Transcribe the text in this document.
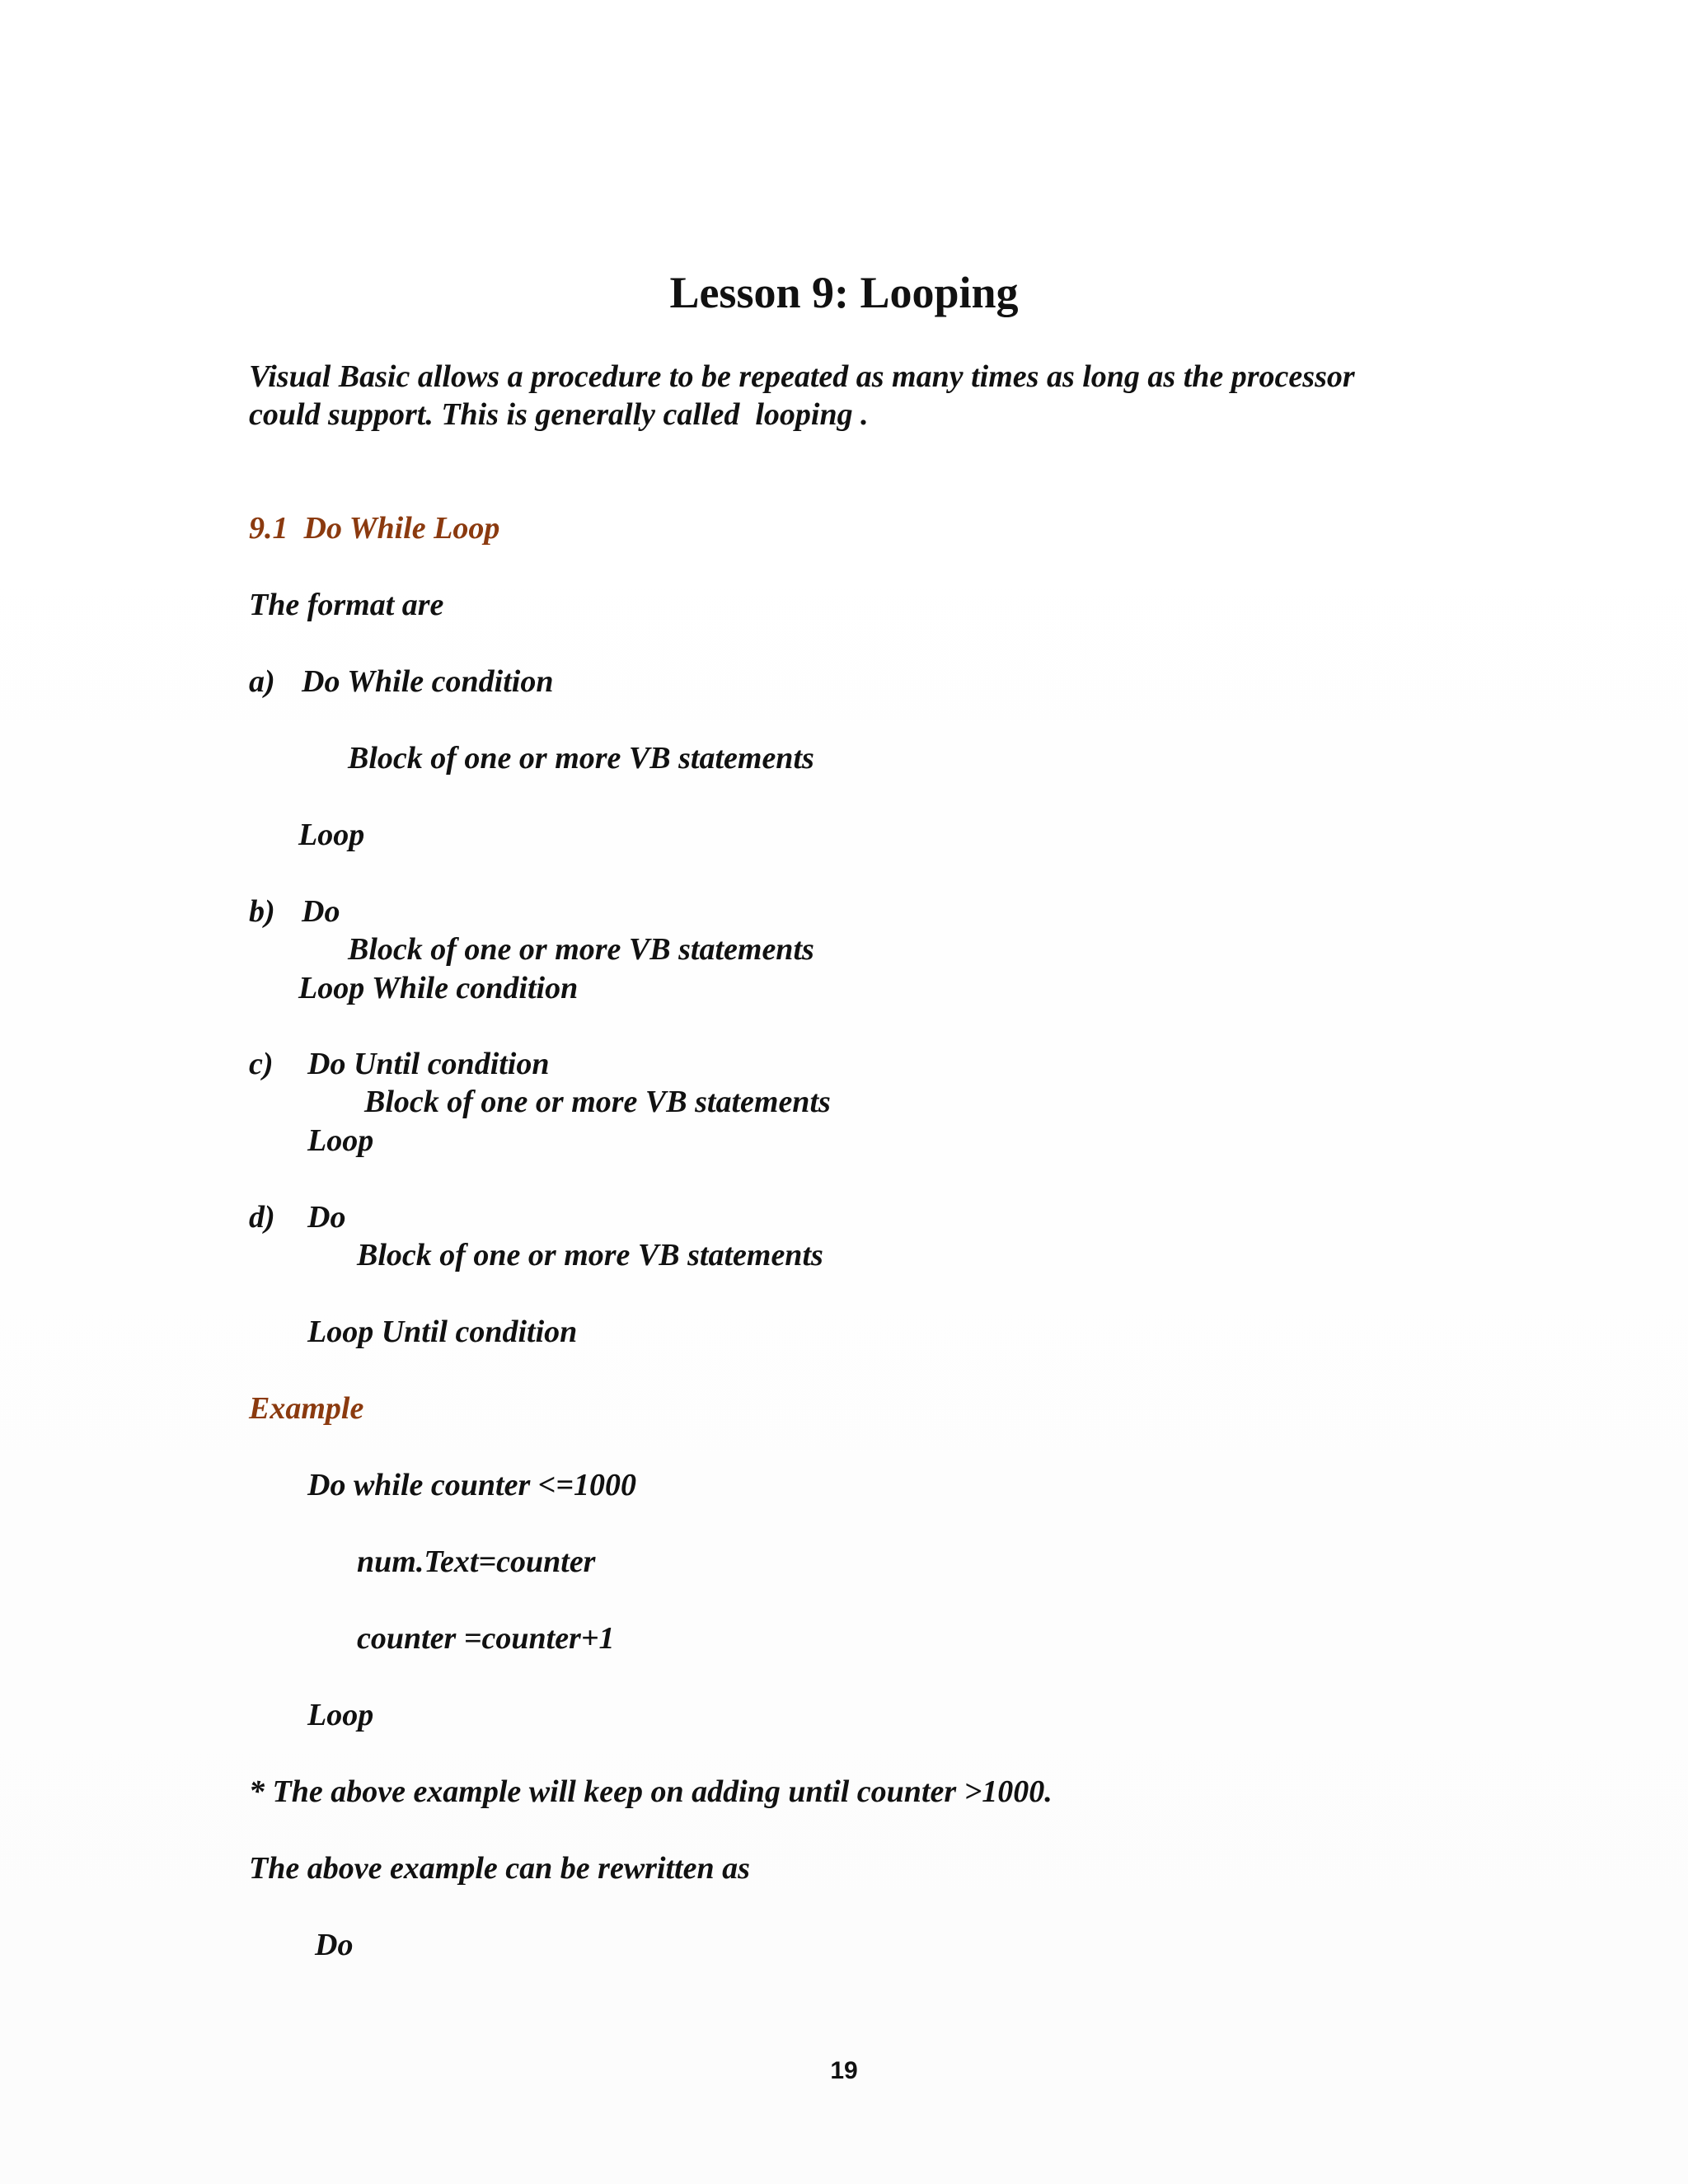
Lesson 9: Looping
Visual Basic allows a procedure to be repeated as many times as long as the processor
could support. This is generally called  looping .
9.1  Do While Loop
The format are
a) Do While condition
Block of one or more VB statements
Loop
b) Do
Block of one or more VB statements
Loop While condition
c) Do Until condition
Block of one or more VB statements
Loop
d) Do
Block of one or more VB statements
Loop Until condition
Example
Do while counter <=1000
num.Text=counter
counter =counter+1
Loop
* The above example will keep on adding until counter >1000.
The above example can be rewritten as
Do
19
